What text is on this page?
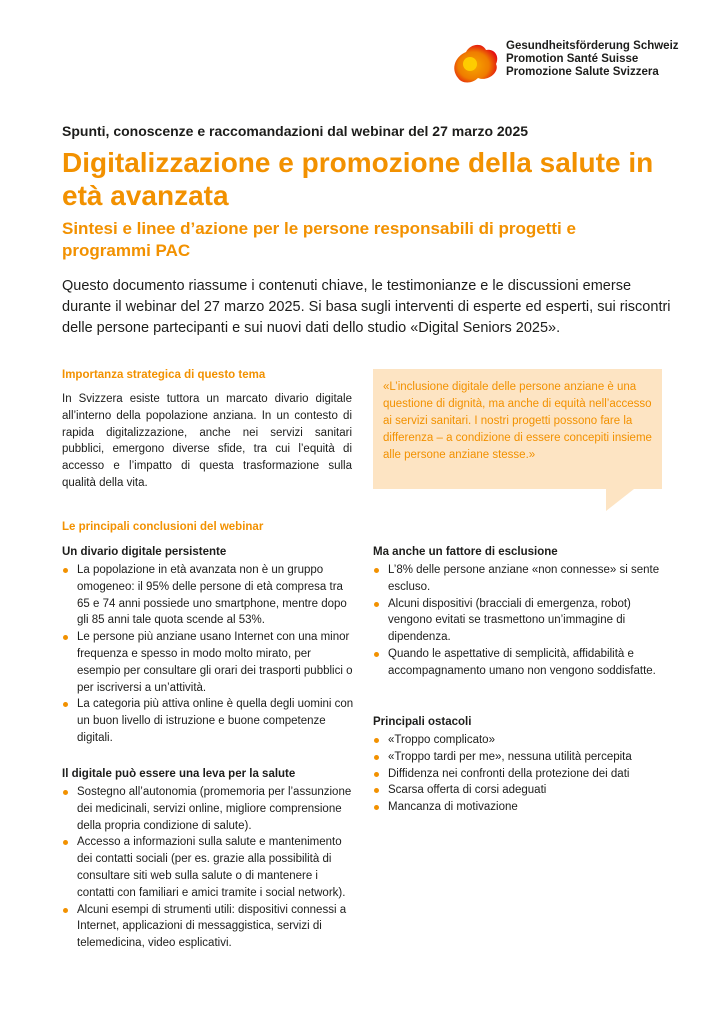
Gesundheitsförderung Schweiz
Promotion Santé Suisse
Promozione Salute Svizzera
Spunti, conoscenze e raccomandazioni dal webinar del 27 marzo 2025
Digitalizzazione e promozione della salute in età avanzata
Sintesi e linee d’azione per le persone responsabili di progetti e programmi PAC

Questo documento riassume i contenuti chiave, le testimonianze e le discussioni emerse durante il webinar del 27 marzo 2025. Si basa sugli interventi di esperte ed esperti, sui riscontri delle persone partecipanti e sui nuovi dati dello studio «Digital Seniors 2025».

Importanza strategica di questo tema

In Svizzera esiste tuttora un marcato divario digitale all’interno della popolazione anziana. In un contesto di rapida digitalizzazione, anche nei servizi sanitari pubblici, emergono diverse sfide, tra cui l’equità di accesso e l’impatto di questa trasformazione sulla qualità della vita.

«L’inclusione digitale delle persone anziane è una questione di dignità, ma anche di equità nell’accesso ai servizi sanitari. I nostri progetti possono fare la differenza – a condizione di essere concepiti insieme alle persone anziane stesse.»

Le principali conclusioni del webinar
Un divario digitale persistente
La popolazione in età avanzata non è un gruppo omogeneo: il 95% delle persone di età compresa tra 65 e 74 anni possiede uno smartphone, mentre dopo gli 85 anni tale quota scende al 53%.
Le persone più anziane usano Internet con una minor frequenza e spesso in modo molto mirato, per esempio per consultare gli orari dei trasporti pubblici o per iscriversi a un’attività.
La categoria più attiva online è quella degli uomini con un buon livello di istruzione e buone competenze digitali.
Il digitale può essere una leva per la salute
Sostegno all’autonomia (promemoria per l’assunzione dei medicinali, servizi online, migliore comprensione della propria condizione di salute).
Accesso a informazioni sulla salute e mantenimento dei contatti sociali (per es. grazie alla possibilità di consultare siti web sulla salute o di mantenere i contatti con familiari e amici tramite i social network).
Alcuni esempi di strumenti utili: dispositivi connessi a Internet, applicazioni di messaggistica, servizi di telemedicina, video esplicativi.
Ma anche un fattore di esclusione
L’8% delle persone anziane «non connesse» si sente escluso.
Alcuni dispositivi (bracciali di emergenza, robot) vengono evitati se trasmettono un’immagine di dipendenza.
Quando le aspettative di semplicità, affidabilità e accompagnamento umano non vengono soddisfatte.
Principali ostacoli
«Troppo complicato»
«Troppo tardi per me», nessuna utilità percepita
Diffidenza nei confronti della protezione dei dati
Scarsa offerta di corsi adeguati
Mancanza di motivazione
